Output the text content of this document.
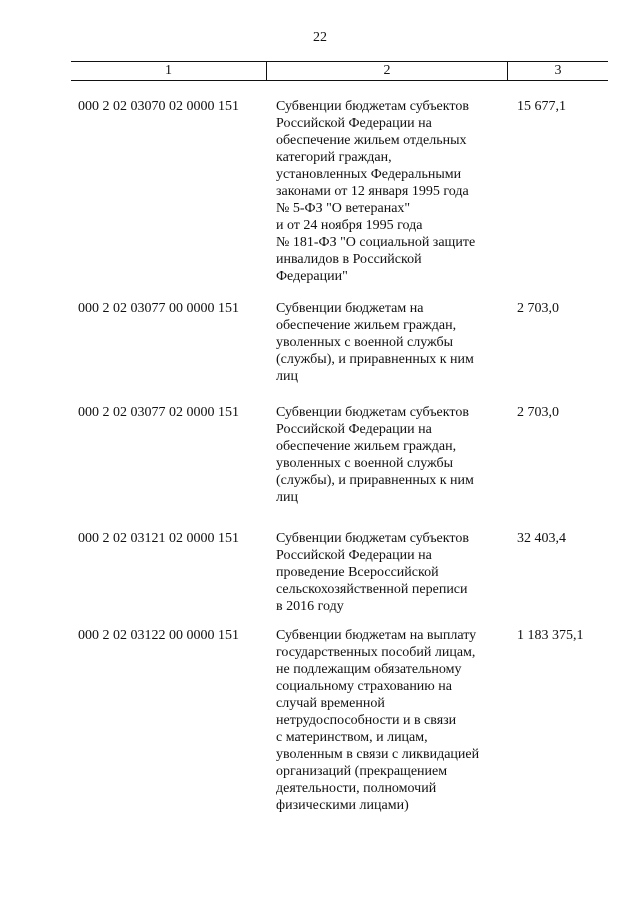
22
1	2	3
000 2 02 03070 02 0000 151	Субвенции бюджетам субъектов
Российской Федерации на
обеспечение жильем отдельных
категорий граждан,
установленных Федеральными
законами от 12 января 1995 года
№ 5-ФЗ "О ветеранах"
и от 24 ноября 1995 года
№ 181-ФЗ "О социальной защите
инвалидов в Российской
Федерации"
15 677,1
000 2 02 03077 00 0000 151	Субвенции бюджетам на
обеспечение жильем граждан,
уволенных с военной службы
(службы), и приравненных к ним
лиц
2 703,0
000 2 02 03077 02 0000 151	Субвенции бюджетам субъектов
Российской Федерации на
обеспечение жильем граждан,
уволенных с военной службы
(службы), и приравненных к ним
лиц
2 703,0
000 2 02 03121 02 0000 151	Субвенции бюджетам субъектов
Российской Федерации на
проведение Всероссийской
сельскохозяйственной переписи
в 2016 году
32 403,4
000 2 02 03122 00 0000 151	Субвенции бюджетам на выплату
государственных пособий лицам,
не подлежащим обязательному
социальному страхованию на
случай временной
нетрудоспособности и в связи
с материнством, и лицам,
уволенным в связи с ликвидацией
организаций (прекращением
деятельности, полномочий
физическими лицами)
1 183 375,1
